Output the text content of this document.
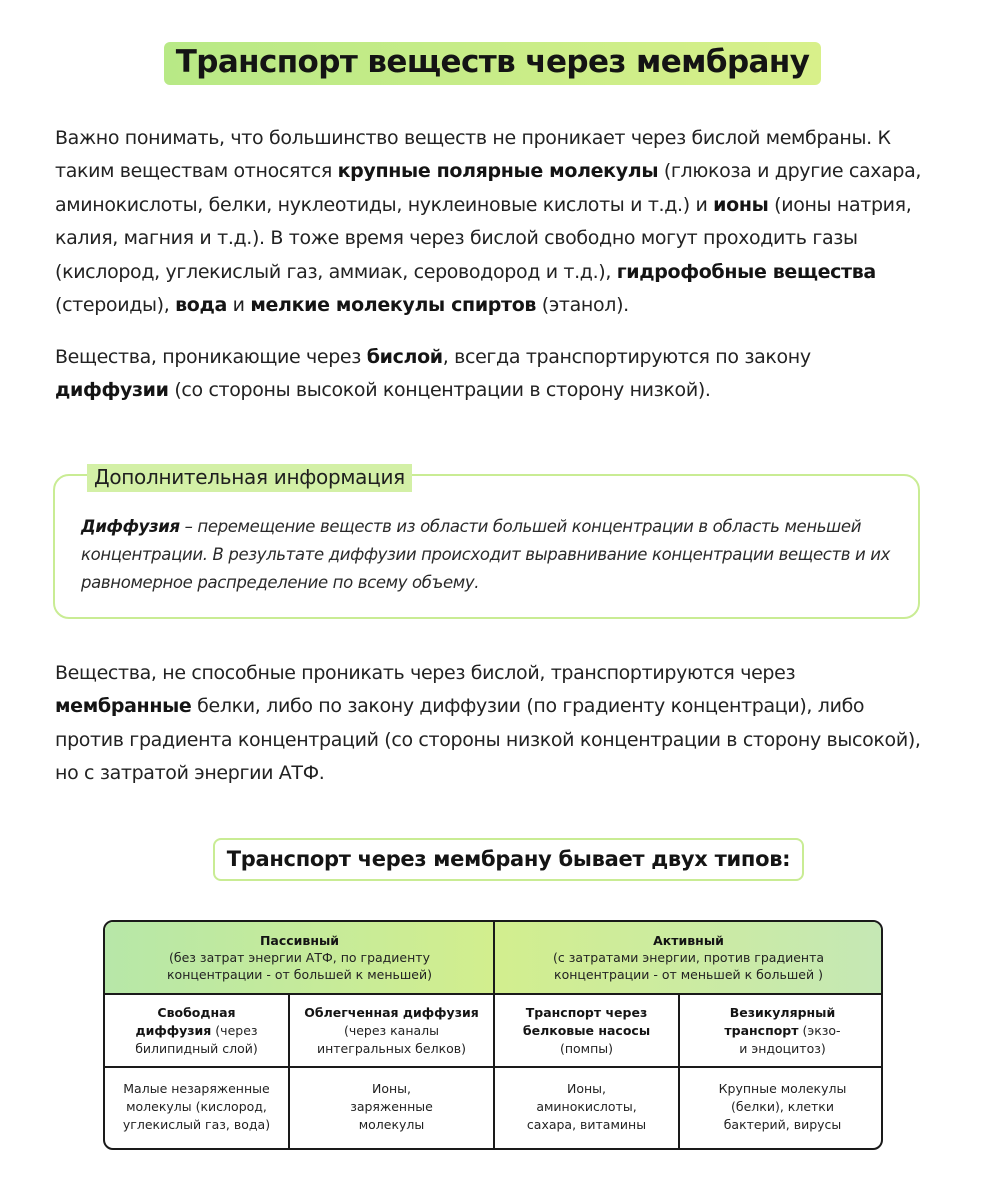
Транспорт веществ через мембрану
Важно понимать, что большинство веществ не проникает через бислой мембраны. К таким веществам относятся крупные полярные молекулы (глюкоза и другие сахара, аминокислоты, белки, нуклеотиды, нуклеиновые кислоты и т.д.) и ионы (ионы натрия, калия, магния и т.д.). В тоже время через бислой свободно могут проходить газы (кислород, углекислый газ, аммиак, сероводород и т.д.), гидрофобные вещества (стероиды), вода и мелкие молекулы спиртов (этанол).
Вещества, проникающие через бислой, всегда транспортируются по закону диффузии (со стороны высокой концентрации в сторону низкой).
Дополнительная информация
Диффузия – перемещение веществ из области большей концентрации в область меньшей концентрации. В результате диффузии происходит выравнивание концентрации веществ и их равномерное распределение по всему объему.
Вещества, не способные проникать через бислой, транспортируются через мембранные белки, либо по закону диффузии (по градиенту концентраци), либо против градиента концентраций (со стороны низкой концентрации в сторону высокой), но с затратой энергии АТФ.
Транспорт через мембрану бывает двух типов:
Пассивный
(без затрат энергии АТФ, по градиенту
концентрации - от большей к меньшей)
Активный
(с затратами энергии, против градиента
концентрации - от меньшей к большей )
Свободная
диффузия (через
билипидный слой)
Облегченная диффузия
(через каналы
интегральных белков)
Транспорт через
белковые насосы
(помпы)
Везикулярный
транспорт (экзо-
и эндоцитоз)
Малые незаряженные
молекулы (кислород,
углекислый газ, вода)
Ионы,
заряженные
молекулы
Ионы,
аминокислоты,
сахара, витамины
Крупные молекулы
(белки), клетки
бактерий, вирусы
